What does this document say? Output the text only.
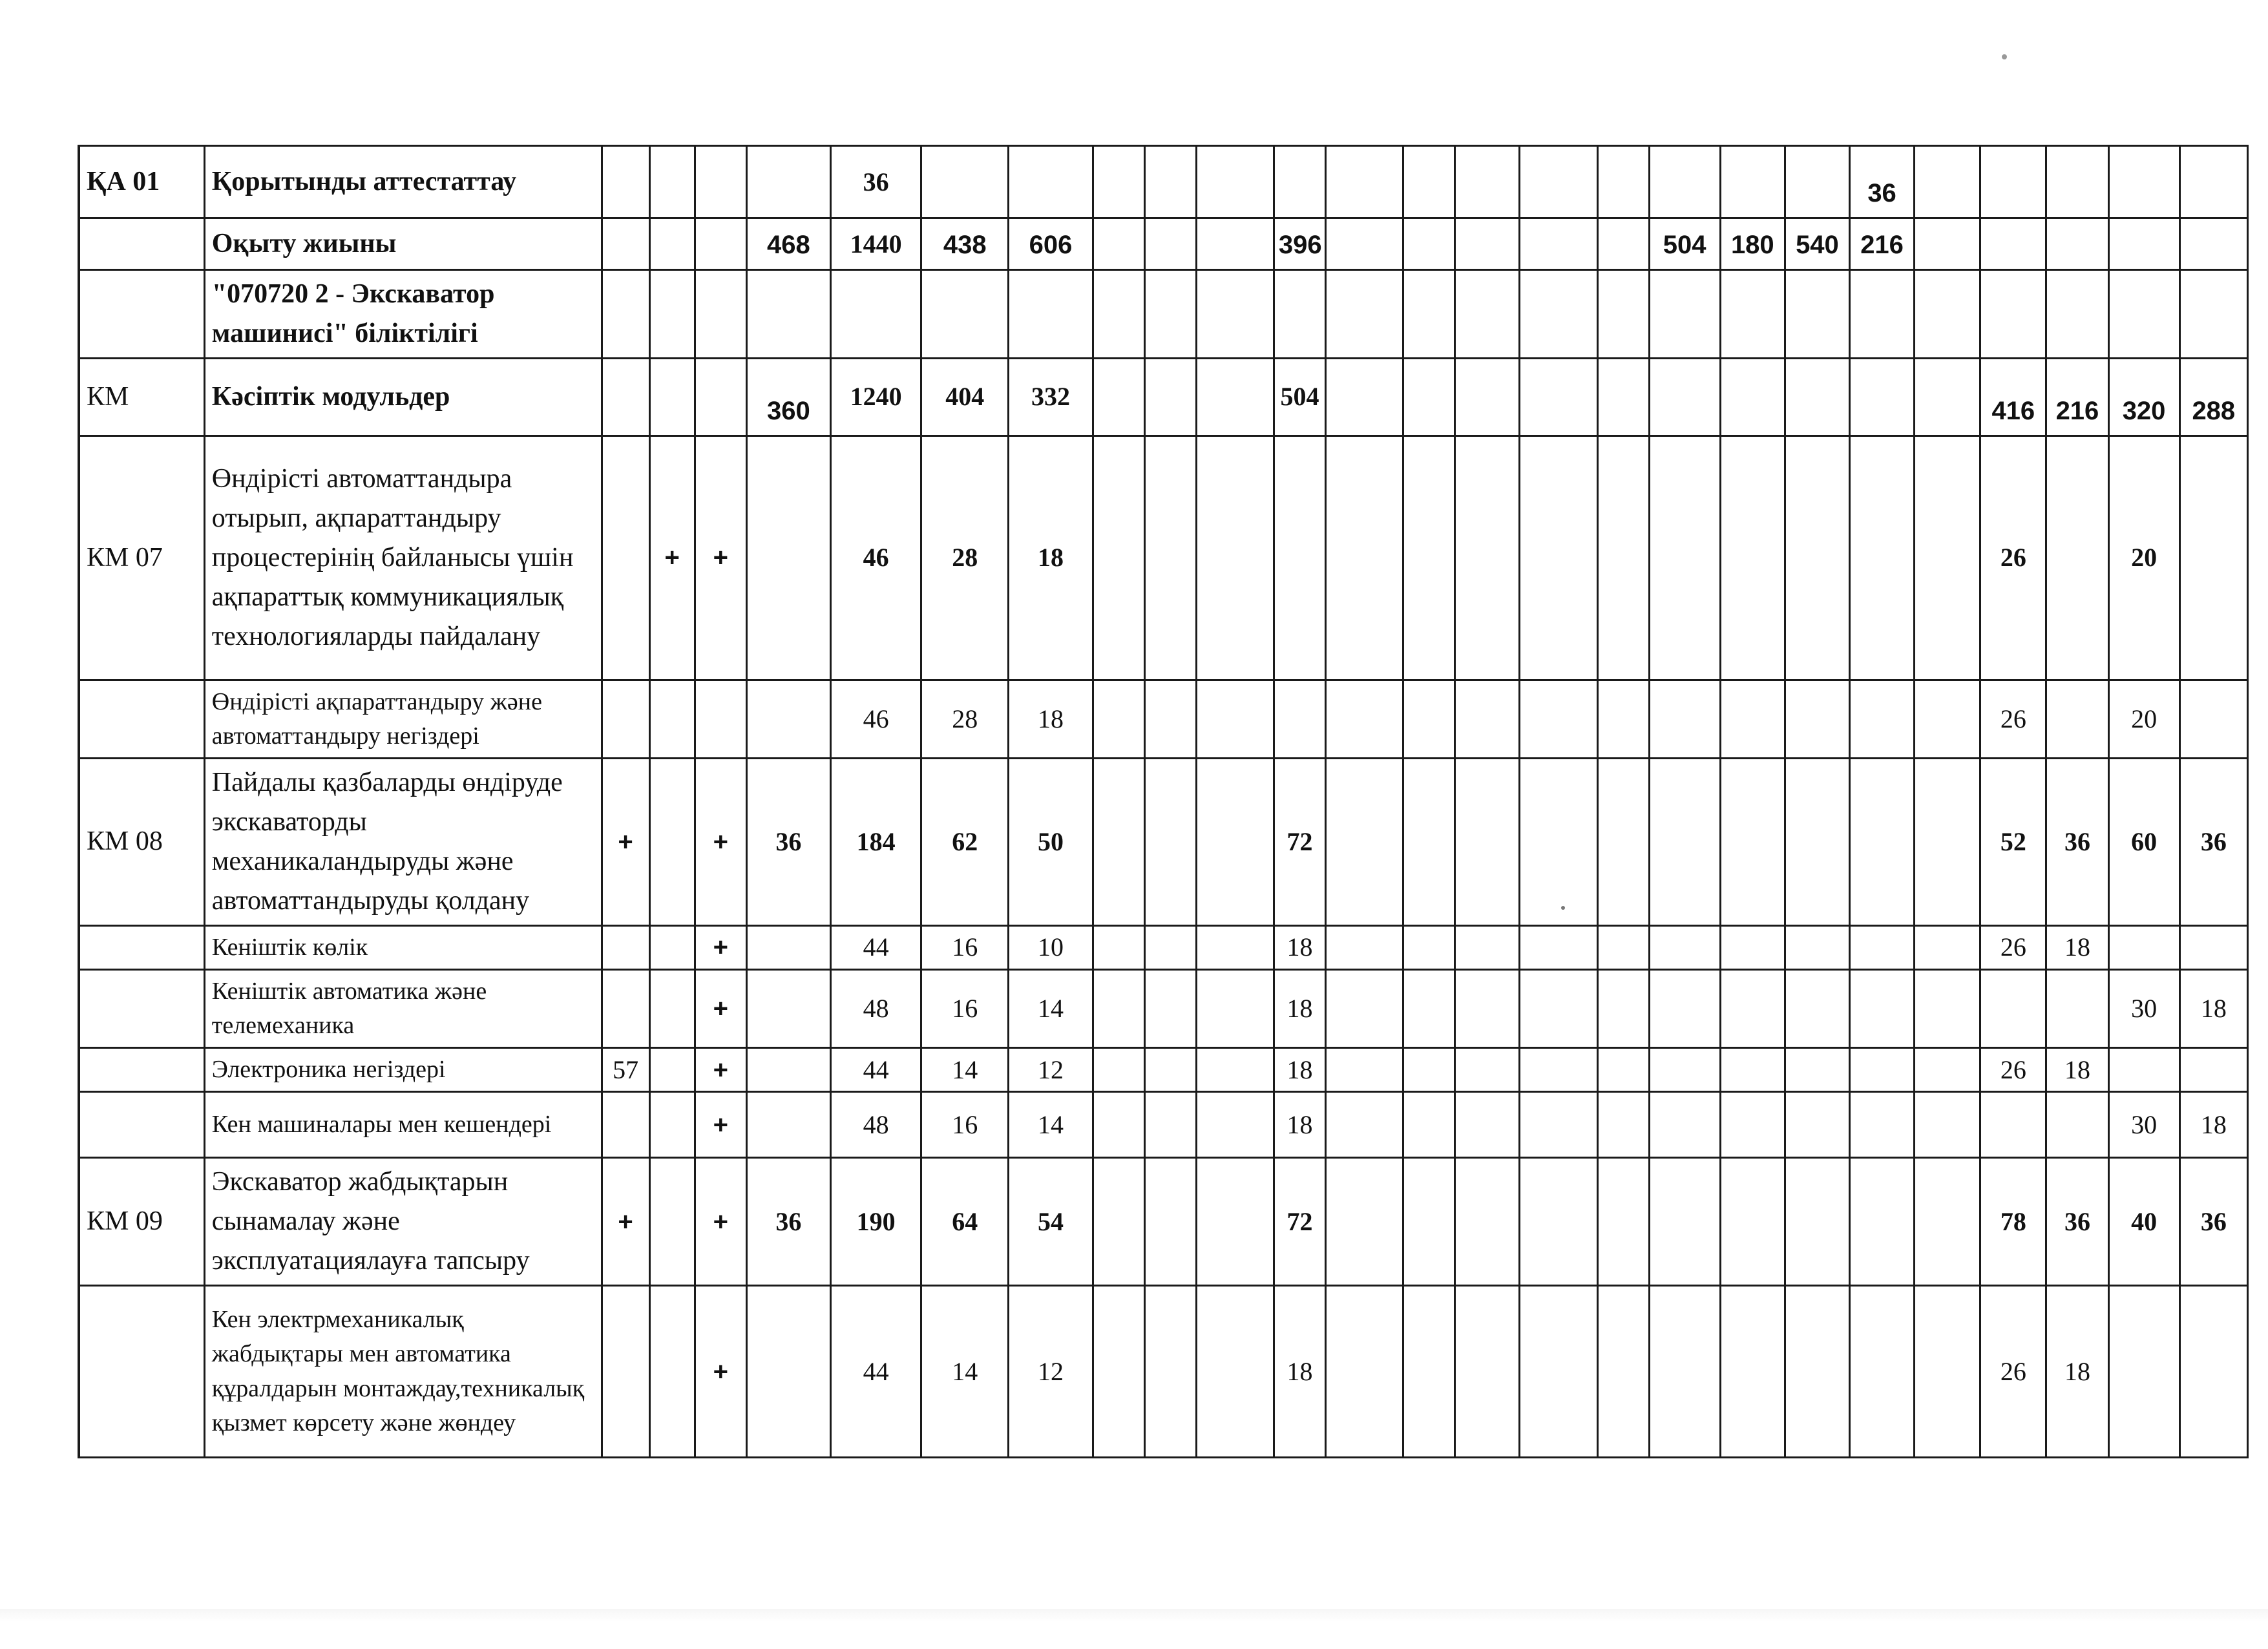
ҚА 01	Қорытынды аттестаттау					36															36					
	Оқыту жиыны				468	1440	438	606				396						504	180	540	216					
	"070720 2 - Экскаватор машинисі" біліктілігі																									
КМ	Кәсіптік модульдер				360	1240	404	332				504											416	216	320	288
КМ 07	Өндірісті автоматтандыра отырып, ақпараттандыру процестерінің байланысы үшін ақпараттық коммуникациялық технологияларды пайдалану		+	+		46	28	18															26		20	
	Өндірісті ақпараттандыру және автоматтандыру негіздері					46	28	18															26		20	
КМ 08	Пайдалы қазбаларды өндіруде экскаваторды механикаландыруды және автоматтандыруды қолдану	+		+	36	184	62	50				72											52	36	60	36
	Кеніштік көлік			+		44	16	10				18											26	18		
	Кеніштік автоматика және телемеханика			+		48	16	14				18													30	18
	Электроника негіздері	57		+		44	14	12				18											26	18		
	Кен машиналары мен кешендері			+		48	16	14				18													30	18
КМ 09	Экскаватор жабдықтарын сынамалау және эксплуатациялауға тапсыру	+		+	36	190	64	54				72											78	36	40	36
	Кен электрмеханикалық жабдықтары мен автоматика құралдарын монтаждау,техникалық қызмет көрсету және жөндеу			+		44	14	12				18											26	18		
